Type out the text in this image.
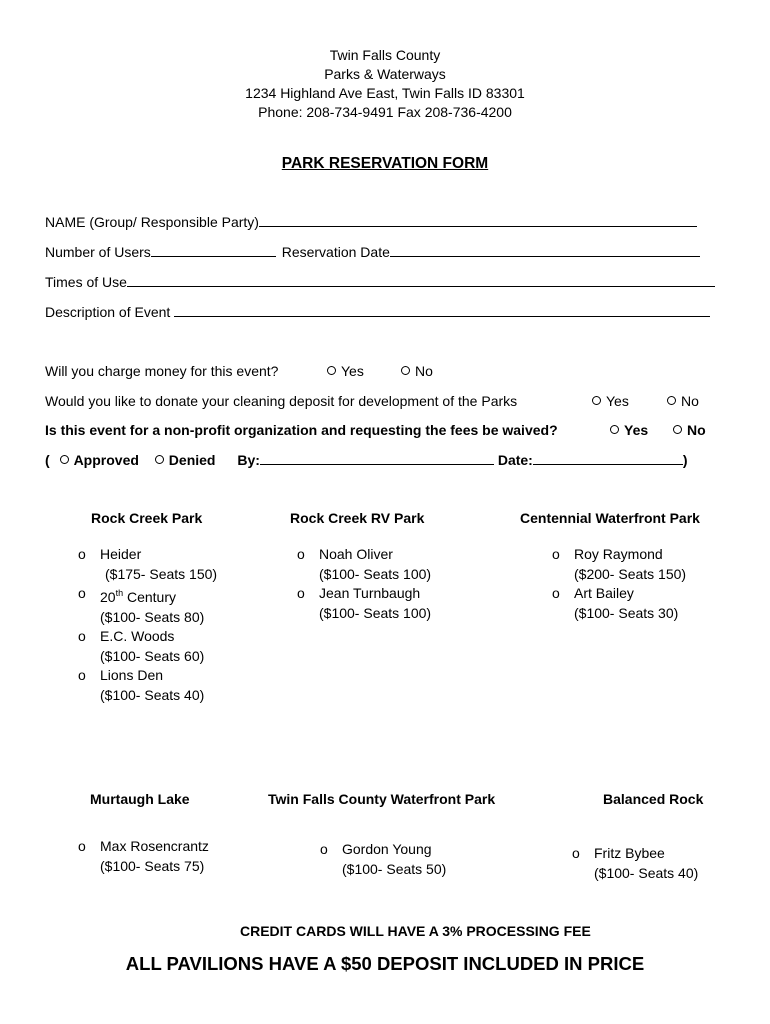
Twin Falls County
Parks & Waterways
1234 Highland Ave East, Twin Falls ID 83301
Phone: 208-734-9491 Fax 208-736-4200
PARK RESERVATION FORM
NAME (Group/ Responsible Party)
Number of Users	Reservation Date
Times of Use
Description of Event
Will you charge money for this event?	Yes	No
Would you like to donate your cleaning deposit for development of the Parks	Yes	No
Is this event for a non-profit organization and requesting the fees be waived?	Yes	No
( Approved Denied By:	Date:	)
Rock Creek Park
o Heider
($175- Seats 150)
o 20th Century
($100- Seats 80)
o E.C. Woods
($100- Seats 60)
o Lions Den
($100- Seats 40)
Rock Creek RV Park
o Noah Oliver
($100- Seats 100)
o Jean Turnbaugh
($100- Seats 100)
Centennial Waterfront Park
o Roy Raymond
($200- Seats 150)
o Art Bailey
($100- Seats 30)
Murtaugh Lake
o Max Rosencrantz
($100- Seats 75)
Twin Falls County Waterfront Park
o Gordon Young
($100- Seats 50)
Balanced Rock
o Fritz Bybee
($100- Seats 40)
CREDIT CARDS WILL HAVE A 3% PROCESSING FEE
ALL PAVILIONS HAVE A $50 DEPOSIT INCLUDED IN PRICE
